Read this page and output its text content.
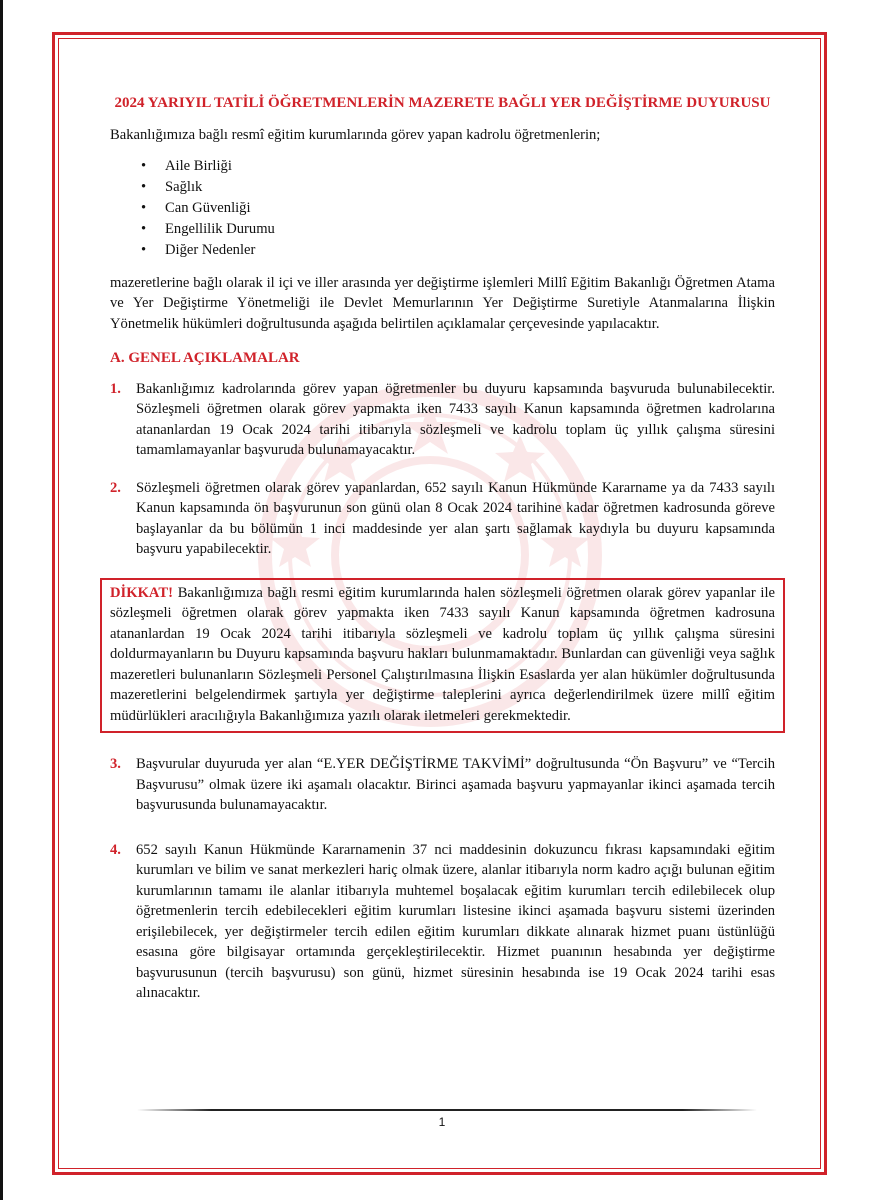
2024 YARIYIL TATİLİ ÖĞRETMENLERİN MAZERETE BAĞLI YER DEĞİŞTİRME DUYURUSU

Bakanlığımıza bağlı resmî eğitim kurumlarında görev yapan kadrolu öğretmenlerin;

• Aile Birliği
• Sağlık
• Can Güvenliği
• Engellilik Durumu
• Diğer Nedenler

mazeretlerine bağlı olarak il içi ve iller arasında yer değiştirme işlemleri Millî Eğitim Bakanlığı Öğretmen Atama ve Yer Değiştirme Yönetmeliği ile Devlet Memurlarının Yer Değiştirme Suretiyle Atanmalarına İlişkin Yönetmelik hükümleri doğrultusunda aşağıda belirtilen açıklamalar çerçevesinde yapılacaktır.

A. GENEL AÇIKLAMALAR
1. Bakanlığımız kadrolarında görev yapan öğretmenler bu duyuru kapsamında başvuruda bulunabilecektir. Sözleşmeli öğretmen olarak görev yapmakta iken 7433 sayılı Kanun kapsamında öğretmen kadrolarına atananlardan 19 Ocak 2024 tarihi itibarıyla sözleşmeli ve kadrolu toplam üç yıllık çalışma süresini tamamlamayanlar başvuruda bulunamayacaktır.
2. Sözleşmeli öğretmen olarak görev yapanlardan, 652 sayılı Kanun Hükmünde Kararname ya da 7433 sayılı Kanun kapsamında ön başvurunun son günü olan 8 Ocak 2024 tarihine kadar öğretmen kadrosunda göreve başlayanlar da bu bölümün 1 inci maddesinde yer alan şartı sağlamak kaydıyla bu duyuru kapsamında başvuru yapabilecektir.
DİKKAT! Bakanlığımıza bağlı resmi eğitim kurumlarında halen sözleşmeli öğretmen olarak görev yapanlar ile sözleşmeli öğretmen olarak görev yapmakta iken 7433 sayılı Kanun kapsamında öğretmen kadrosuna atananlardan 19 Ocak 2024 tarihi itibarıyla sözleşmeli ve kadrolu toplam üç yıllık çalışma süresini doldurmayanların bu Duyuru kapsamında başvuru hakları bulunmamaktadır. Bunlardan can güvenliği veya sağlık mazeretleri bulunanların Sözleşmeli Personel Çalıştırılmasına İlişkin Esaslarda yer alan hükümler doğrultusunda mazeretlerini belgelendirmek şartıyla yer değiştirme taleplerini ayrıca değerlendirilmek üzere millî eğitim müdürlükleri aracılığıyla Bakanlığımıza yazılı olarak iletmeleri gerekmektedir.
3. Başvurular duyuruda yer alan “E.YER DEĞİŞTİRME TAKVİMİ” doğrultusunda “Ön Başvuru” ve “Tercih Başvurusu” olmak üzere iki aşamalı olacaktır. Birinci aşamada başvuru yapmayanlar ikinci aşamada tercih başvurusunda bulunamayacaktır.
4. 652 sayılı Kanun Hükmünde Kararnamenin 37 nci maddesinin dokuzuncu fıkrası kapsamındaki eğitim kurumları ve bilim ve sanat merkezleri hariç olmak üzere, alanlar itibarıyla norm kadro açığı bulunan eğitim kurumlarının tamamı ile alanlar itibarıyla muhtemel boşalacak eğitim kurumları tercih edilebilecek olup öğretmenlerin tercih edebilecekleri eğitim kurumları listesine ikinci aşamada başvuru sistemi üzerinden erişilebilecek, yer değiştirmeler tercih edilen eğitim kurumları dikkate alınarak hizmet puanı üstünlüğü esasına göre bilgisayar ortamında gerçekleştirilecektir. Hizmet puanının hesabında yer değiştirme başvurusunun (tercih başvurusu) son günü, hizmet süresinin hesabında ise 19 Ocak 2024 tarihi esas alınacaktır.
1
